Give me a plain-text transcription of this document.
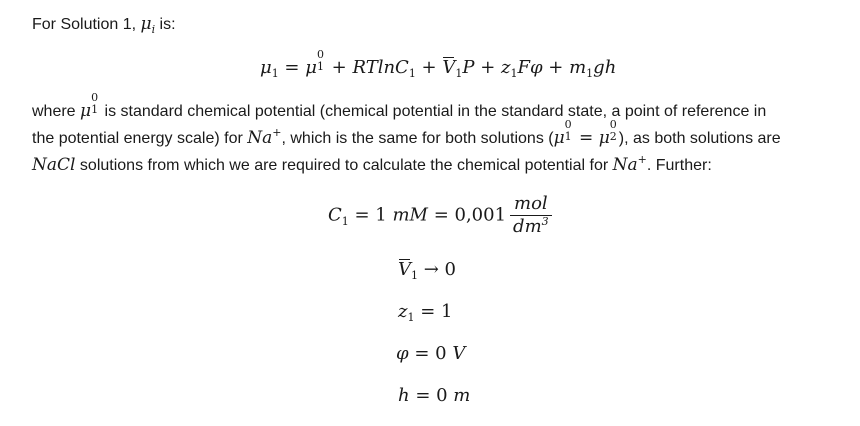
For Solution 1, $\mu_i$ is:
$\mu_1 = \mu$
0
$1 + RTlnC_1 + V_1P + z_1F\varphi + m_1gh$
where μ
0
1 is standard chemical potential (chemical potential in the standard state, a point of reference in
the potential energy scale) for Na+, which is the same for both solutions (μ
0
1 = μ
0
2 ), as both solutions are
NaCl solutions from which we are required to calculate the chemical potential for Na+. Further:
$C_1 = 1$ mM = $0,001 \frac{\text{mol}}{dm^3}$
$V_1 \to 0$
$z_1 = 1$
φ = 0 V
h = 0 m
